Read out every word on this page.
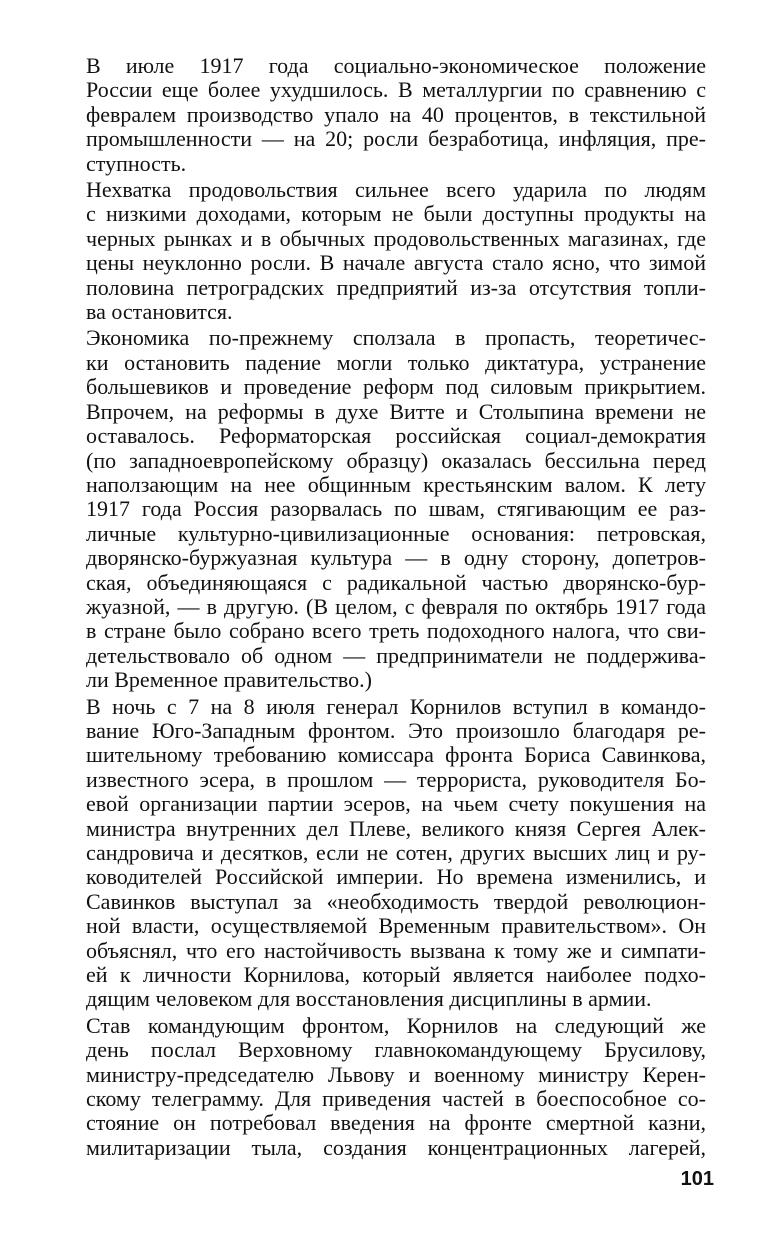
В июле 1917 года социально-экономическое положение
России еще более ухудшилось. В металлургии по сравнению с
февралем производство упало на 40 процентов, в текстильной
промышленности — на 20; росли безработица, инфляция, пре-
ступность.
Нехватка продовольствия сильнее всего ударила по людям
с низкими доходами, которым не были доступны продукты на
черных рынках и в обычных продовольственных магазинах, где
цены неуклонно росли. В начале августа стало ясно, что зимой
половина петроградских предприятий из-за отсутствия топли-
ва остановится.
Экономика по-прежнему сползала в пропасть, теоретичес-
ки остановить падение могли только диктатура, устранение
большевиков и проведение реформ под силовым прикрытием.
Впрочем, на реформы в духе Витте и Столыпина времени не
оставалось. Реформаторская российская социал-демократия
(по западноевропейскому образцу) оказалась бессильна перед
наползающим на нее общинным крестьянским валом. К лету
1917 года Россия разорвалась по швам, стягивающим ее раз-
личные культурно-цивилизационные основания: петровская,
дворянско-буржуазная культура — в одну сторону, допетров-
ская, объединяющаяся с радикальной частью дворянско-бур-
жуазной, — в другую. (В целом, с февраля по октябрь 1917 года
в стране было собрано всего треть подоходного налога, что сви-
детельствовало об одном — предприниматели не поддержива-
ли Временное правительство.)
В ночь с 7 на 8 июля генерал Корнилов вступил в командо-
вание Юго-Западным фронтом. Это произошло благодаря ре-
шительному требованию комиссара фронта Бориса Савинкова,
известного эсера, в прошлом — террориста, руководителя Бо-
евой организации партии эсеров, на чьем счету покушения на
министра внутренних дел Плеве, великого князя Сергея Алек-
сандровича и десятков, если не сотен, других высших лиц и ру-
ководителей Российской империи. Но времена изменились, и
Савинков выступал за «необходимость твердой революцион-
ной власти, осуществляемой Временным правительством». Он
объяснял, что его настойчивость вызвана к тому же и симпати-
ей к личности Корнилова, который является наиболее подхо-
дящим человеком для восстановления дисциплины в армии.
Став командующим фронтом, Корнилов на следующий же
день послал Верховному главнокомандующему Брусилову,
министру-председателю Львову и военному министру Керен-
скому телеграмму. Для приведения частей в боеспособное со-
стояние он потребовал введения на фронте смертной казни,
милитаризации тыла, создания концентрационных лагерей,
101
